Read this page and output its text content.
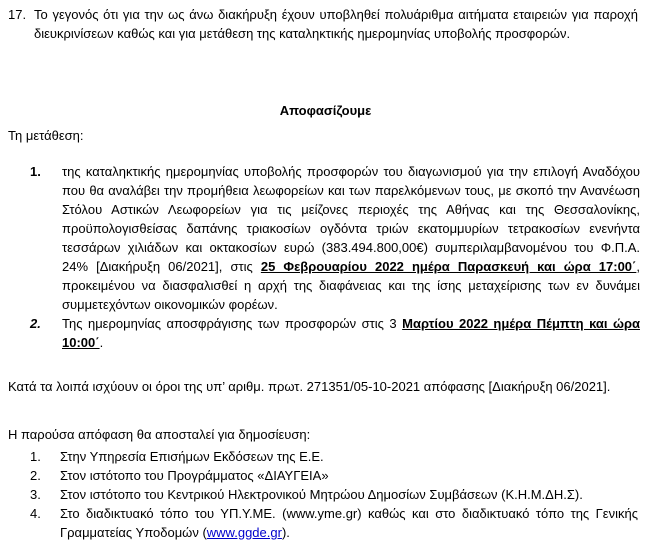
17. Το γεγονός ότι για την ως άνω διακήρυξη έχουν υποβληθεί πολυάριθμα αιτήματα εταιρειών για παροχή διευκρινίσεων καθώς και για μετάθεση της καταληκτικής ημερομηνίας υποβολής προσφορών.
Αποφασίζουμε
Τη μετάθεση:
1. της καταληκτικής ημερομηνίας υποβολής προσφορών του διαγωνισμού για την επιλογή Αναδόχου που θα αναλάβει την προμήθεια λεωφορείων και των παρελκόμενων τους, με σκοπό την Ανανέωση Στόλου Αστικών Λεωφορείων για τις μείζονες περιοχές της Αθήνας και της Θεσσαλονίκης, προϋπολογισθείσας δαπάνης τριακοσίων ογδόντα τριών εκατομμυρίων τετρακοσίων ενενήντα τεσσάρων χιλιάδων και οκτακοσίων ευρώ (383.494.800,00€) συμπεριλαμβανομένου του Φ.Π.Α. 24% [Διακήρυξη 06/2021], στις 25 Φεβρουαρίου 2022 ημέρα Παρασκευή και ώρα 17:00΄, προκειμένου να διασφαλισθεί η αρχή της διαφάνειας και της ίσης μεταχείρισης των εν δυνάμει συμμετεχόντων οικονομικών φορέων.
2. Της ημερομηνίας αποσφράγισης των προσφορών στις 3 Μαρτίου 2022 ημέρα Πέμπτη και ώρα 10:00΄.
Κατά τα λοιπά ισχύουν οι όροι της υπ’ αριθμ. πρωτ. 271351/05-10-2021 απόφασης [Διακήρυξη 06/2021].
Η παρούσα απόφαση θα αποσταλεί για δημοσίευση:
1. Στην Υπηρεσία Επισήμων Εκδόσεων της Ε.Ε.
2. Στον ιστότοπο του Προγράμματος «ΔΙΑΥΓΕΙΑ»
3. Στον ιστότοπο του Κεντρικού Ηλεκτρονικού Μητρώου Δημοσίων Συμβάσεων (Κ.Η.Μ.ΔΗ.Σ).
4. Στο διαδικτυακό τόπο του ΥΠ.Υ.ΜΕ. (www.yme.gr) καθώς και στο διαδικτυακό τόπο της Γενικής Γραμματείας Υποδομών (www.ggde.gr).
